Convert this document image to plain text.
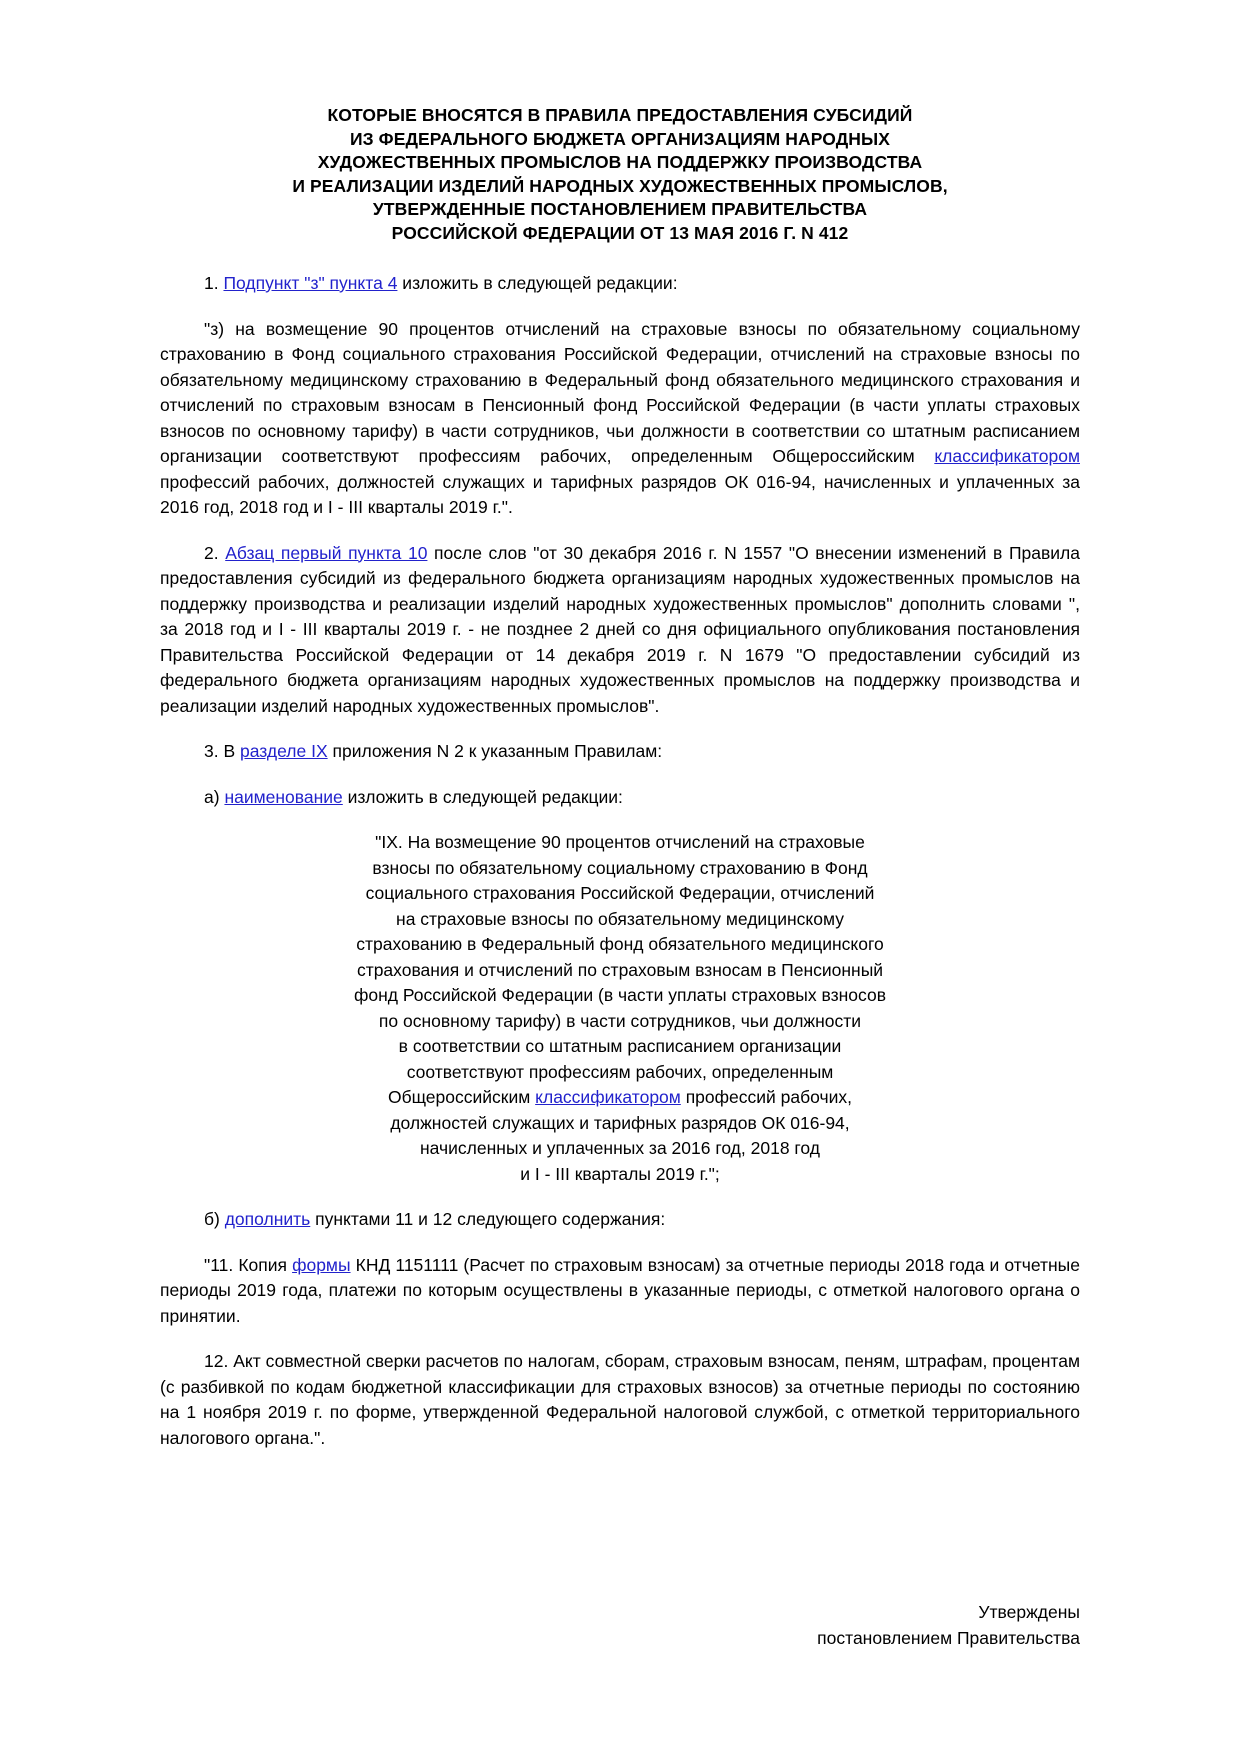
КОТОРЫЕ ВНОСЯТСЯ В ПРАВИЛА ПРЕДОСТАВЛЕНИЯ СУБСИДИЙ
ИЗ ФЕДЕРАЛЬНОГО БЮДЖЕТА ОРГАНИЗАЦИЯМ НАРОДНЫХ
ХУДОЖЕСТВЕННЫХ ПРОМЫСЛОВ НА ПОДДЕРЖКУ ПРОИЗВОДСТВА
И РЕАЛИЗАЦИИ ИЗДЕЛИЙ НАРОДНЫХ ХУДОЖЕСТВЕННЫХ ПРОМЫСЛОВ,
УТВЕРЖДЕННЫЕ ПОСТАНОВЛЕНИЕМ ПРАВИТЕЛЬСТВА
РОССИЙСКОЙ ФЕДЕРАЦИИ ОТ 13 МАЯ 2016 Г. N 412

1. Подпункт "з" пункта 4 изложить в следующей редакции:

"з) на возмещение 90 процентов отчислений на страховые взносы по обязательному социальному страхованию в Фонд социального страхования Российской Федерации, отчислений на страховые взносы по обязательному медицинскому страхованию в Федеральный фонд обязательного медицинского страхования и отчислений по страховым взносам в Пенсионный фонд Российской Федерации (в части уплаты страховых взносов по основному тарифу) в части сотрудников, чьи должности в соответствии со штатным расписанием организации соответствуют профессиям рабочих, определенным Общероссийским классификатором профессий рабочих, должностей служащих и тарифных разрядов ОК 016-94, начисленных и уплаченных за 2016 год, 2018 год и I - III кварталы 2019 г.".

2. Абзац первый пункта 10 после слов "от 30 декабря 2016 г. N 1557 "О внесении изменений в Правила предоставления субсидий из федерального бюджета организациям народных художественных промыслов на поддержку производства и реализации изделий народных художественных промыслов" дополнить словами ", за 2018 год и I - III кварталы 2019 г. - не позднее 2 дней со дня официального опубликования постановления Правительства Российской Федерации от 14 декабря 2019 г. N 1679 "О предоставлении субсидий из федерального бюджета организациям народных художественных промыслов на поддержку производства и реализации изделий народных художественных промыслов".

3. В разделе IX приложения N 2 к указанным Правилам:

а) наименование изложить в следующей редакции:

"IX. На возмещение 90 процентов отчислений на страховые
взносы по обязательному социальному страхованию в Фонд
социального страхования Российской Федерации, отчислений
на страховые взносы по обязательному медицинскому
страхованию в Федеральный фонд обязательного медицинского
страхования и отчислений по страховым взносам в Пенсионный
фонд Российской Федерации (в части уплаты страховых взносов
по основному тарифу) в части сотрудников, чьи должности
в соответствии со штатным расписанием организации
соответствуют профессиям рабочих, определенным
Общероссийским классификатором профессий рабочих,
должностей служащих и тарифных разрядов ОК 016-94,
начисленных и уплаченных за 2016 год, 2018 год
и I - III кварталы 2019 г.";

б) дополнить пунктами 11 и 12 следующего содержания:

"11. Копия формы КНД 1151111 (Расчет по страховым взносам) за отчетные периоды 2018 года и отчетные периоды 2019 года, платежи по которым осуществлены в указанные периоды, с отметкой налогового органа о принятии.

12. Акт совместной сверки расчетов по налогам, сборам, страховым взносам, пеням, штрафам, процентам (с разбивкой по кодам бюджетной классификации для страховых взносов) за отчетные периоды по состоянию на 1 ноября 2019 г. по форме, утвержденной Федеральной налоговой службой, с отметкой территориального налогового органа.".

Утверждены
постановлением Правительства
